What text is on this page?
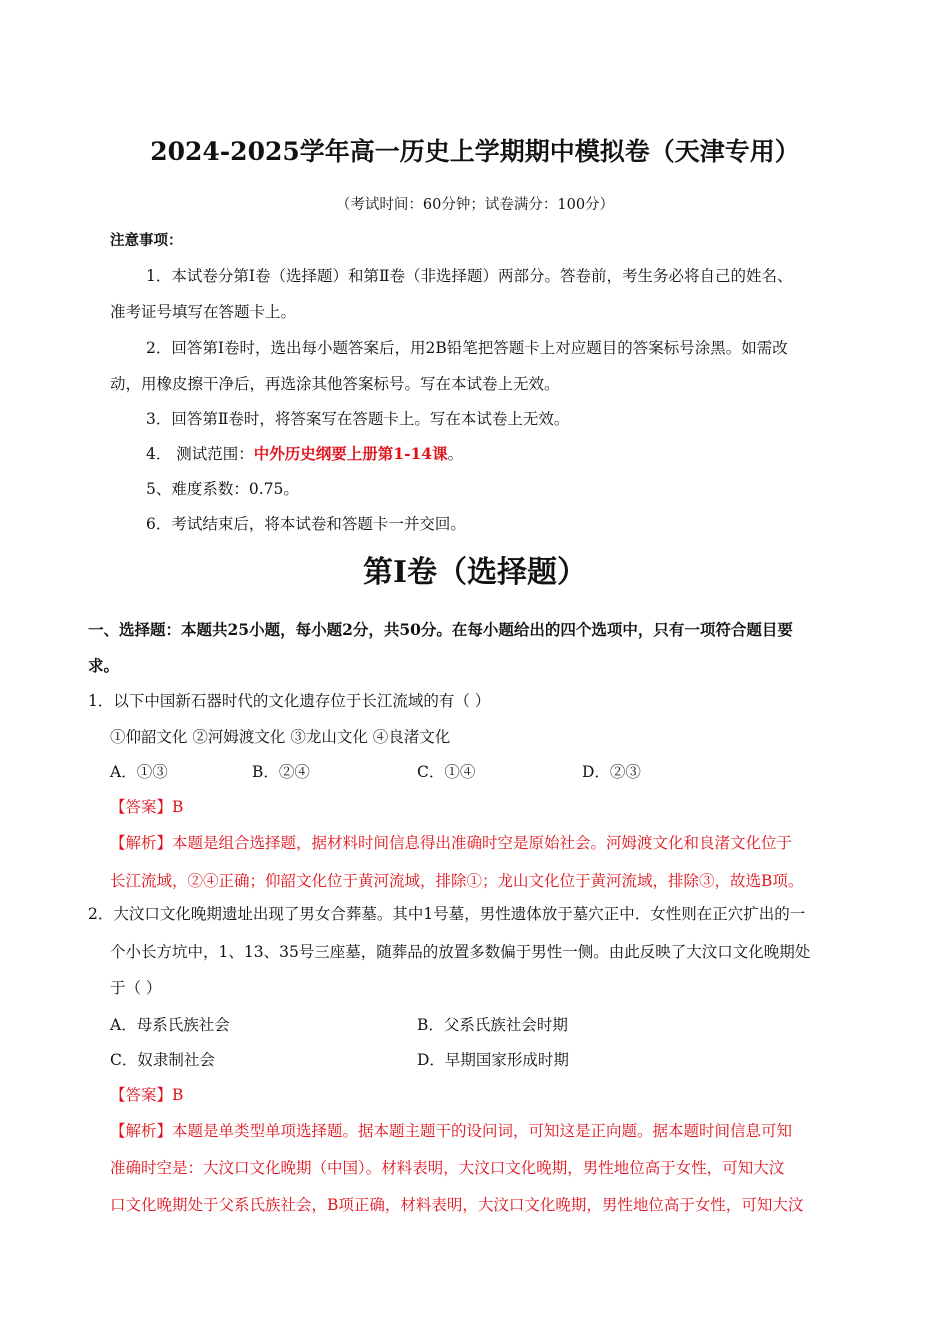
2024-2025学年高一历史上学期期中模拟卷（天津专用）
（考试时间：60分钟；试卷满分：100分）
注意事项：
1．本试卷分第Ⅰ卷（选择题）和第Ⅱ卷（非选择题）两部分。答卷前，考生务必将自己的姓名、
准考证号填写在答题卡上。
2．回答第Ⅰ卷时，选出每小题答案后，用2B铅笔把答题卡上对应题目的答案标号涂黑。如需改
动，用橡皮擦干净后，再选涂其他答案标号。写在本试卷上无效。
3．回答第Ⅱ卷时，将答案写在答题卡上。写在本试卷上无效。
4． 测试范围：中外历史纲要上册第1-14课。
5、难度系数：0.75。
6．考试结束后，将本试卷和答题卡一并交回。
第Ⅰ卷（选择题）
一、选择题：本题共25小题，每小题2分，共50分。在每小题给出的四个选项中，只有一项符合题目要
求。
1．以下中国新石器时代的文化遗存位于长江流域的有（ ）
①仰韶文化 ②河姆渡文化 ③龙山文化 ④良渚文化
A．①③	B．②④	C．①④	D．②③
【答案】B
【解析】本题是组合选择题，据材料时间信息得出准确时空是原始社会。河姆渡文化和良渚文化位于
长江流域，②④正确；仰韶文化位于黄河流域，排除①；龙山文化位于黄河流域，排除③，故选B项。
2．大汶口文化晚期遗址出现了男女合葬墓。其中1号墓，男性遗体放于墓穴正中．女性则在正穴扩出的一
个小长方坑中，1、13、35号三座墓，随葬品的放置多数偏于男性一侧。由此反映了大汶口文化晚期处
于（ ）
A．母系氏族社会	B．父系氏族社会时期
C．奴隶制社会	D．早期国家形成时期
【答案】B
【解析】本题是单类型单项选择题。据本题主题干的设问词，可知这是正向题。据本题时间信息可知
准确时空是：大汶口文化晚期（中国）。材料表明，大汶口文化晚期，男性地位高于女性，可知大汶
口文化晚期处于父系氏族社会，B项正确，材料表明，大汶口文化晚期，男性地位高于女性，可知大汶
